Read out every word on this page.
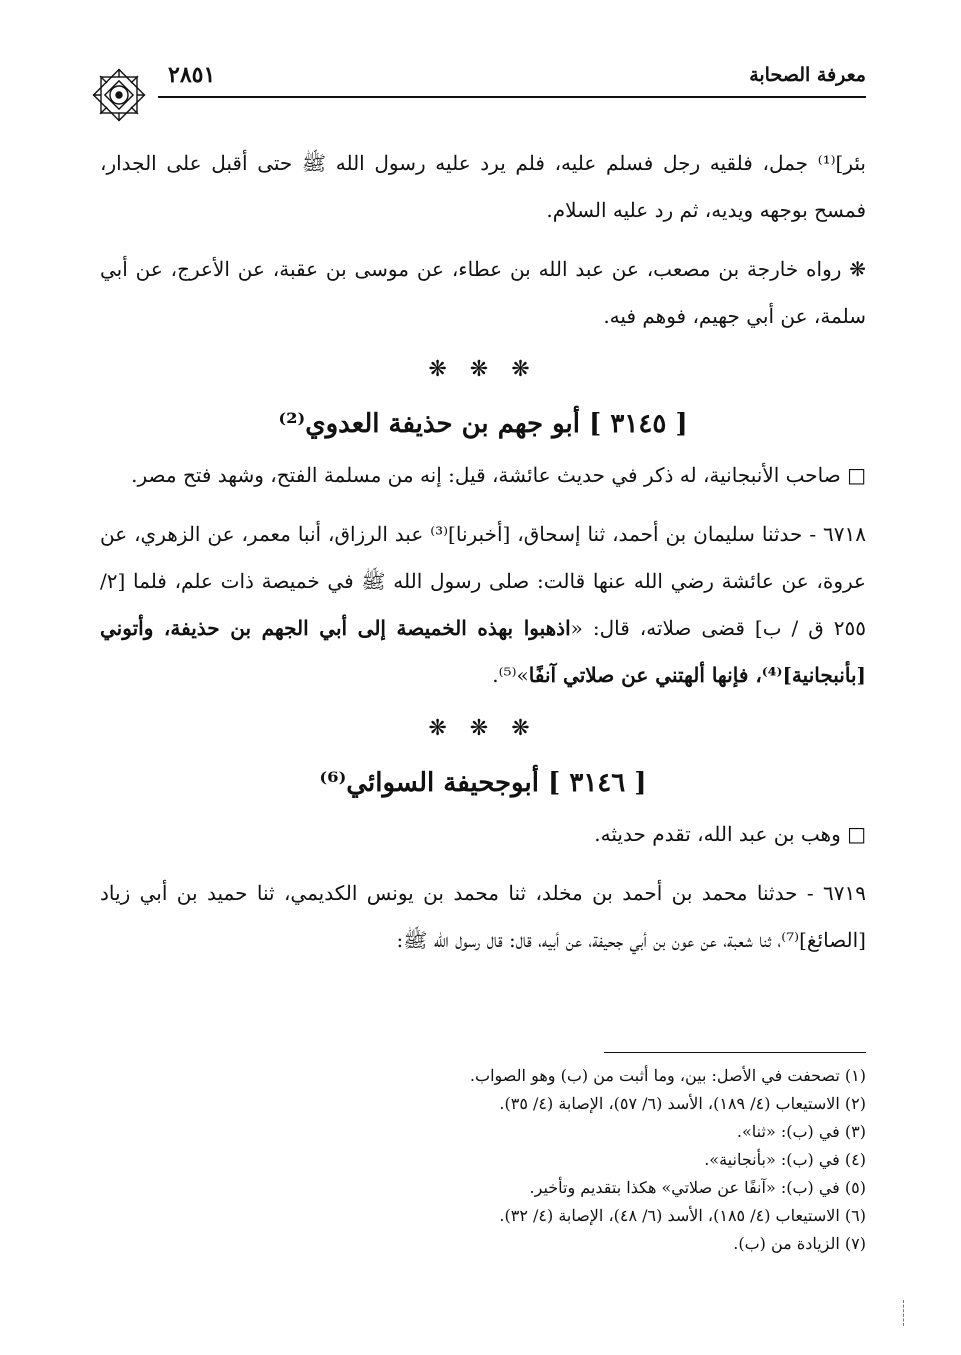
معرفة الصحابة
٢٨٥١

بئر]⁽¹⁾ جمل، فلقيه رجل فسلم عليه، فلم يرد عليه رسول الله ﷺ حتى أقبل على الجدار، فمسح بوجهه ويديه، ثم رد عليه السلام.

❋ رواه خارجة بن مصعب، عن عبد الله بن عطاء، عن موسى بن عقبة، عن الأعرج، عن أبي سلمة، عن أبي جهيم، فوهم فيه.

❋ ❋ ❋

[ ٣١٤٥ ] أبو جهم بن حذيفة العدوي⁽²⁾

□ صاحب الأنبجانية، له ذكر في حديث عائشة، قيل: إنه من مسلمة الفتح، وشهد فتح مصر.

٦٧١٨ - حدثنا سليمان بن أحمد، ثنا إسحاق، [أخبرنا]⁽³⁾ عبد الرزاق، أنبا معمر، عن الزهري، عن عروة، عن عائشة رضي الله عنها قالت: صلى رسول الله ﷺ في خميصة ذات علم، فلما [٢/ ٢٥٥ ق / ب] قضى صلاته، قال: «اذهبوا بهذه الخميصة إلى أبي الجهم بن حذيفة، وأتوني [بأنبجانية]⁽⁴⁾، فإنها ألهتني عن صلاتي آنفًا»⁽⁵⁾.

❋ ❋ ❋

[ ٣١٤٦ ] أبوجحيفة السوائي⁽⁶⁾

□ وهب بن عبد الله، تقدم حديثه.

٦٧١٩ - حدثنا محمد بن أحمد بن مخلد، ثنا محمد بن يونس الكديمي، ثنا حميد بن أبي زياد [الصائغ]⁽⁷⁾، ثنا شعبة، عن عون بن أبي جحيفة، عن أبيه، قال: قال رسول الله ﷺ:

(١) تصحفت في الأصل: بين، وما أثبت من (ب) وهو الصواب.

(٢) الاستيعاب (٤/ ١٨٩)، الأسد (٦/ ٥٧)، الإصابة (٤/ ٣٥).

(٣) في (ب): «ثنا».

(٤) في (ب): «بأنجانية».

(٥) في (ب): «آنفًا عن صلاتي» هكذا بتقديم وتأخير.

(٦) الاستيعاب (٤/ ١٨٥)، الأسد (٦/ ٤٨)، الإصابة (٤/ ٣٢).

(٧) الزيادة من (ب).
